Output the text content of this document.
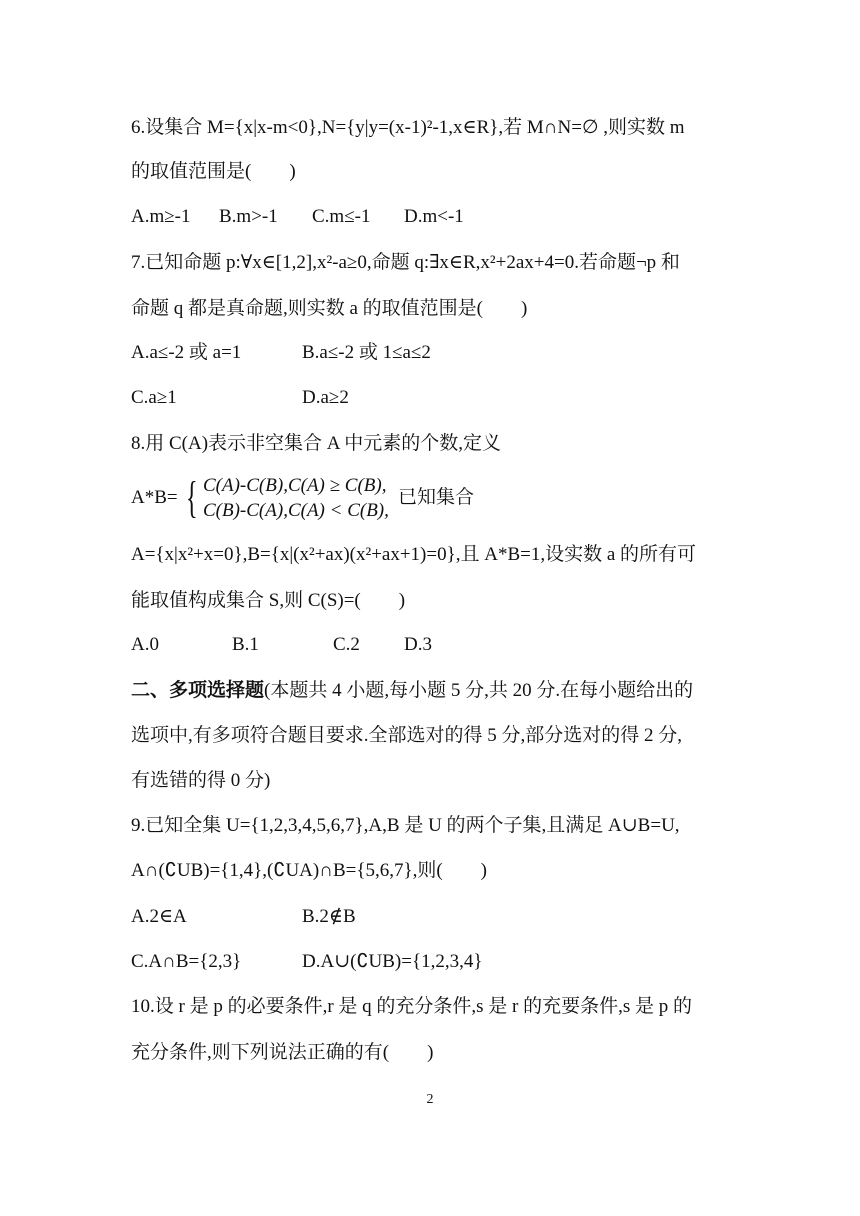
6.设集合 M={x|x-m<0},N={y|y=(x-1)²-1,x∈R},若 M∩N=∅ ,则实数 m
的取值范围是(　　)
A.m≥-1 B.m>-1 C.m≤-1 D.m<-1
7.已知命题 p:∀x∈[1,2],x²-a≥0,命题 q:∃x∈R,x²+2ax+4=0.若命题¬p 和
命题 q 都是真命题,则实数 a 的取值范围是(　　)
A.a≤-2 或 a=1	B.a≤-2 或 1≤a≤2
C.a≥1	D.a≥2
8.用 C(A)表示非空集合 A 中元素的个数,定义
A*B= { C(A)-C(B),C(A) ≥ C(B),
C(B)-C(A),C(A) < C(B),
已知集合
A={x|x²+x=0},B={x|(x²+ax)(x²+ax+1)=0},且 A*B=1,设实数 a 的所有可
能取值构成集合 S,则 C(S)=(　　)
A.0	B.1	C.2 D.3
二、多项选择题(本题共 4 小题,每小题 5 分,共 20 分.在每小题给出的
选项中,有多项符合题目要求.全部选对的得 5 分,部分选对的得 2 分,
有选错的得 0 分)
9.已知全集 U={1,2,3,4,5,6,7},A,B 是 U 的两个子集,且满足 A∪B=U,
A∩(∁UB)={1,4},(∁UA)∩B={5,6,7},则(　　)
A.2∈A	B.2∉B
C.A∩B={2,3}	D.A∪(∁UB)={1,2,3,4}
10.设 r 是 p 的必要条件,r 是 q 的充分条件,s 是 r 的充要条件,s 是 p 的
充分条件,则下列说法正确的有(　　)
2
